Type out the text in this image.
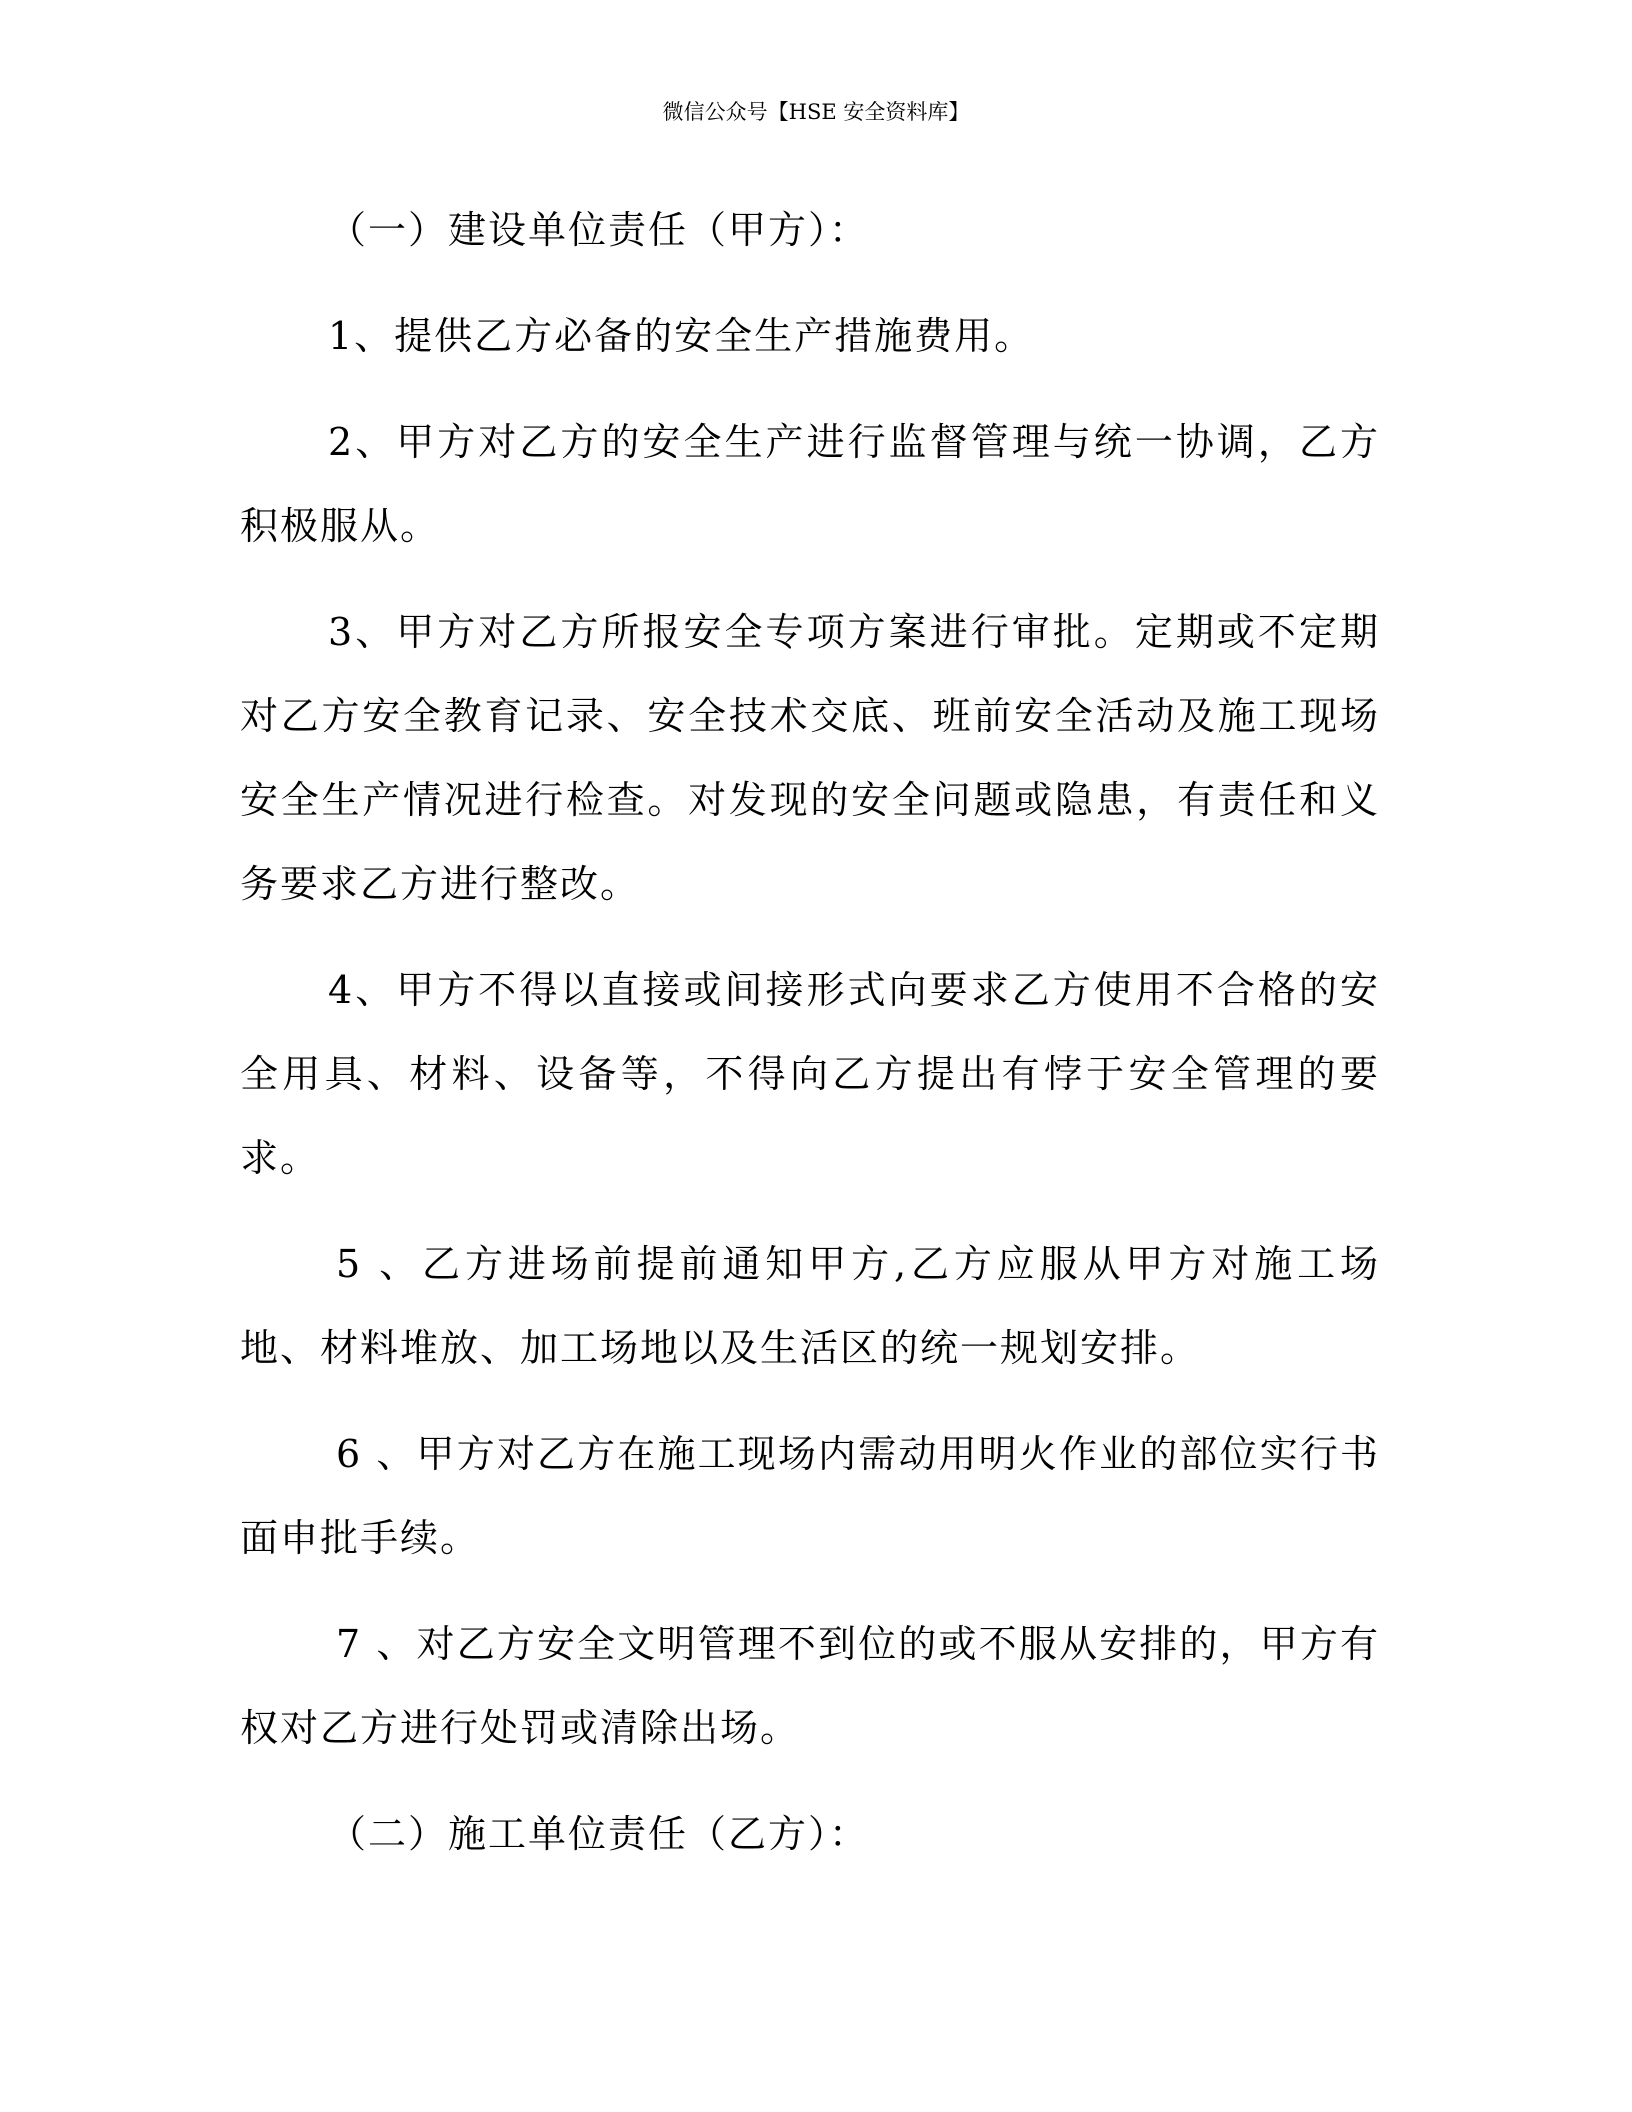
微信公众号【HSE 安全资料库】

（一）建设单位责任（甲方）：

1、提供乙方必备的安全生产措施费用。

2、甲方对乙方的安全生产进行监督管理与统一协调，乙方积极服从。

3、甲方对乙方所报安全专项方案进行审批。定期或不定期对乙方安全教育记录、安全技术交底、班前安全活动及施工现场安全生产情况进行检查。对发现的安全问题或隐患，有责任和义务要求乙方进行整改。

4、甲方不得以直接或间接形式向要求乙方使用不合格的安全用具、材料、设备等，不得向乙方提出有悖于安全管理的要求。

5 、乙方进场前提前通知甲方,乙方应服从甲方对施工场地、材料堆放、加工场地以及生活区的统一规划安排。

6 、甲方对乙方在施工现场内需动用明火作业的部位实行书面申批手续。

7 、对乙方安全文明管理不到位的或不服从安排的，甲方有权对乙方进行处罚或清除出场。

（二）施工单位责任（乙方）：
